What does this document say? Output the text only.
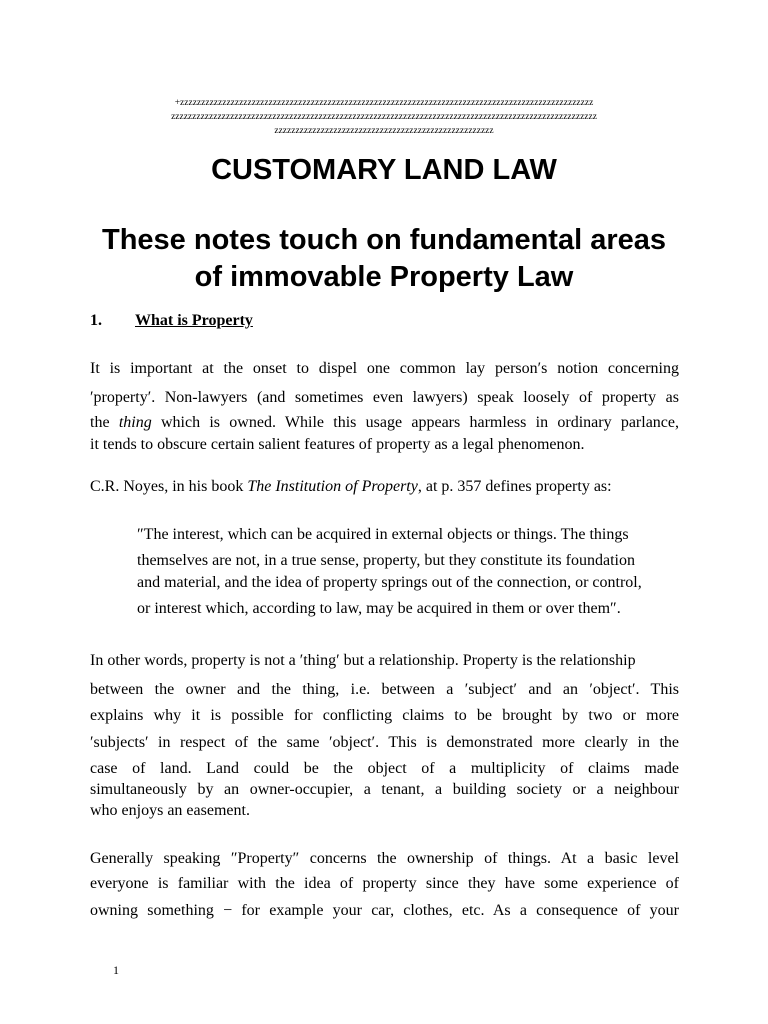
+zzzzzzzzzzzzzzzzzzzzzzzzzzzzzzzzzzzzzzzzzzzzzzzzzzzzzzzzzzzzzzzzzzzzzzzzzzzzzzzzzzzzzzzzzzzzzzzzzz
zzzzzzzzzzzzzzzzzzzzzzzzzzzzzzzzzzzzzzzzzzzzzzzzzzzzzzzzzzzzzzzzzzzzzzzzzzzzzzzzzzzzzzzzzzzzzzzzzzzzz
zzzzzzzzzzzzzzzzzzzzzzzzzzzzzzzzzzzzzzzzzzzzzzzzzzzz
CUSTOMARY LAND LAW
These notes touch on fundamental areas
of immovable Property Law
1. What is Property
It is important at the onset to dispel one common lay person′s notion concerning
′property′. Non-lawyers (and sometimes even lawyers) speak loosely of property as
the thing which is owned. While this usage appears harmless in ordinary parlance,
it tends to obscure certain salient features of property as a legal phenomenon.
C.R. Noyes, in his book The Institution of Property, at p. 357 defines property as:
″The interest, which can be acquired in external objects or things. The things
themselves are not, in a true sense, property, but they constitute its foundation
and material, and the idea of property springs out of the connection, or control,
or interest which, according to law, may be acquired in them or over them″.
In other words, property is not a ′thing′ but a relationship. Property is the relationship
between the owner and the thing, i.e. between a ′subject′ and an ′object′. This
explains why it is possible for conflicting claims to be brought by two or more
′subjects′ in respect of the same ′object′. This is demonstrated more clearly in the
case of land. Land could be the object of a multiplicity of claims made
simultaneously by an owner-occupier, a tenant, a building society or a neighbour
who enjoys an easement.
Generally speaking ″Property″ concerns the ownership of things. At a basic level
everyone is familiar with the idea of property since they have some experience of
owning something − for example your car, clothes, etc. As a consequence of your
1
